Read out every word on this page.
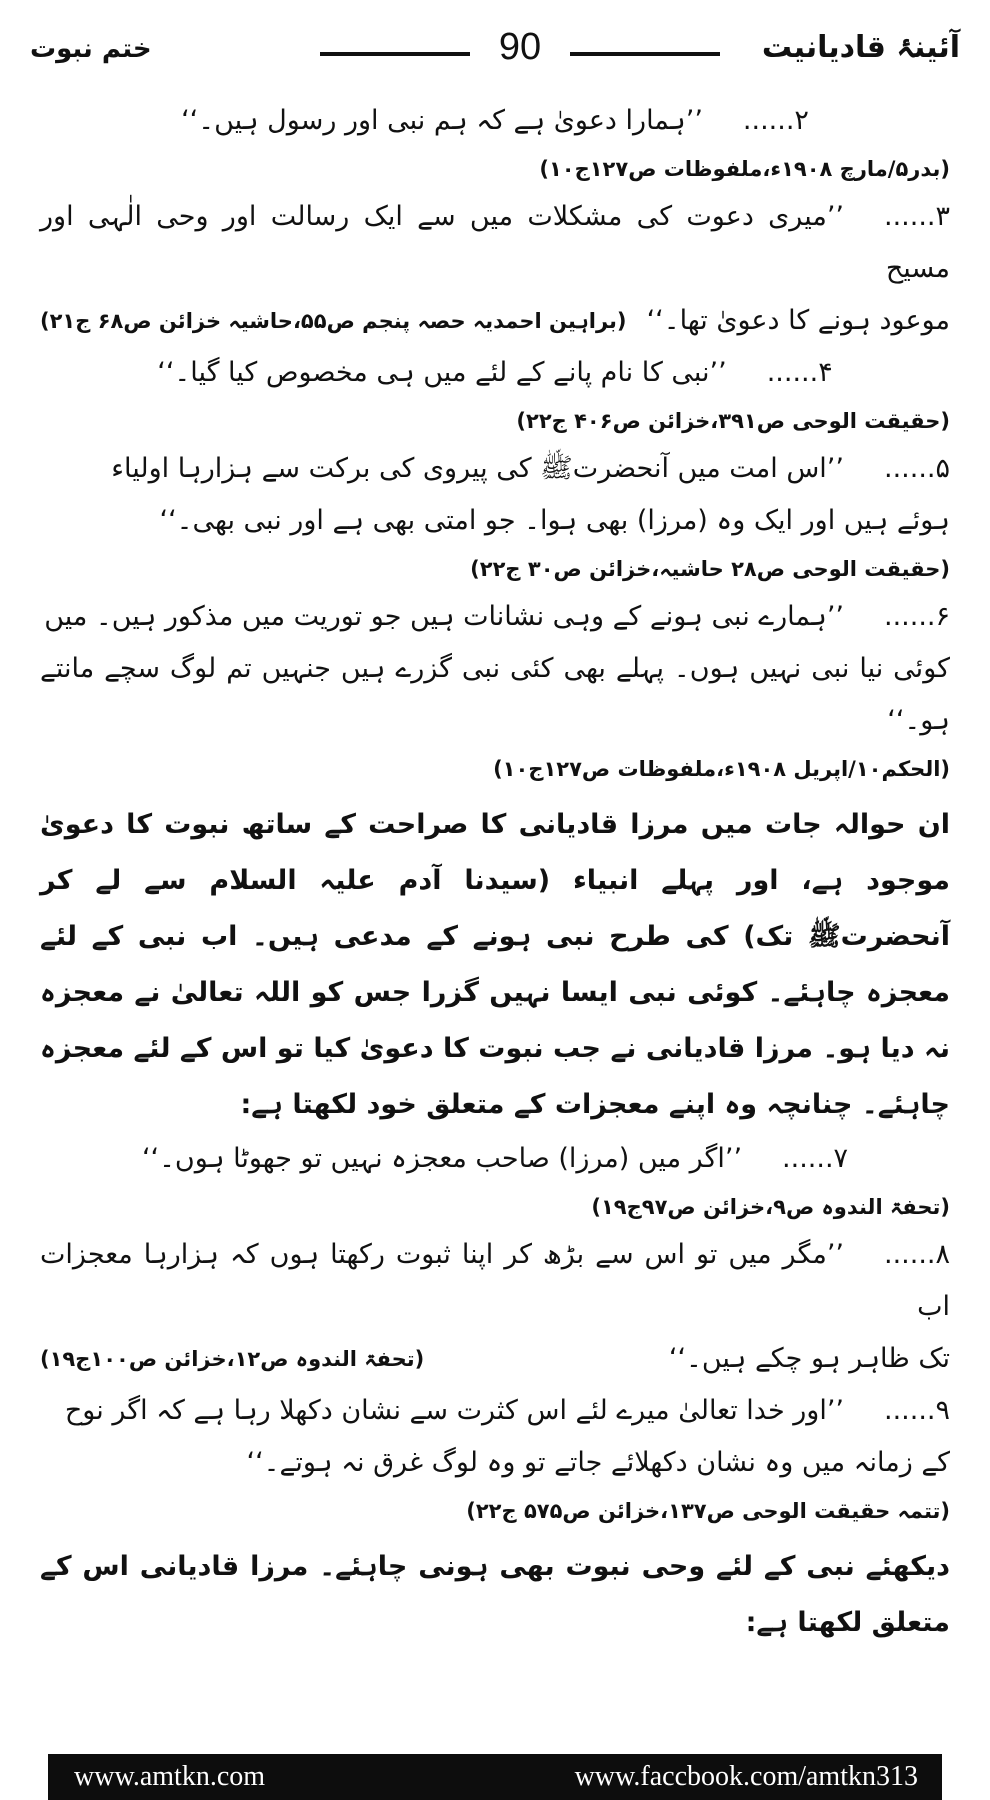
آئینۂ قادیانیت
90
ختم نبوت

۲......’’ہمارا دعویٰ ہے کہ ہم نبی اور رسول ہیں۔‘‘

(بدر۵/مارچ ۱۹۰۸ء،ملفوظات ص۱۲۷ج۱۰)

۳......’’میری دعوت کی مشکلات میں سے ایک رسالت اور وحی الٰہی اور مسیح

(براہین احمدیہ حصہ پنجم ص۵۵،حاشیہ خزائن ص۶۸ ج۲۱) موعود ہونے کا دعویٰ تھا۔‘‘

۴......’’نبی کا نام پانے کے لئے میں ہی مخصوص کیا گیا۔‘‘

(حقیقت الوحی ص۳۹۱،خزائن ص۴۰۶ ج۲۲)

۵......’’اس امت میں آنحضرتﷺ کی پیروی کی برکت سے ہزارہا اولیاء

ہوئے ہیں اور ایک وہ (مرزا) بھی ہوا۔ جو امتی بھی ہے اور نبی بھی۔‘‘

(حقیقت الوحی ص۲۸ حاشیہ،خزائن ص۳۰ ج۲۲)

۶......’’ہمارے نبی ہونے کے وہی نشانات ہیں جو توریت میں مذکور ہیں۔ میں

کوئی نیا نبی نہیں ہوں۔ پہلے بھی کئی نبی گزرے ہیں جنہیں تم لوگ سچے مانتے ہو۔‘‘

(الحکم۱۰/اپریل ۱۹۰۸ء،ملفوظات ص۱۲۷ج۱۰)

ان حوالہ جات میں مرزا قادیانی کا صراحت کے ساتھ نبوت کا دعویٰ موجود ہے، اور پہلے انبیاء (سیدنا آدم علیہ السلام سے لے کر آنحضرتﷺ تک) کی طرح نبی ہونے کے مدعی ہیں۔ اب نبی کے لئے معجزہ چاہئے۔ کوئی نبی ایسا نہیں گزرا جس کو اللہ تعالیٰ نے معجزہ نہ دیا ہو۔ مرزا قادیانی نے جب نبوت کا دعویٰ کیا تو اس کے لئے معجزہ چاہئے۔ چنانچہ وہ اپنے معجزات کے متعلق خود لکھتا ہے:

۷......’’اگر میں (مرزا) صاحب معجزہ نہیں تو جھوٹا ہوں۔‘‘

(تحفۃ الندوہ ص۹،خزائن ص۹۷ج۱۹)

۸......’’مگر میں تو اس سے بڑھ کر اپنا ثبوت رکھتا ہوں کہ ہزارہا معجزات اب

(تحفۃ الندوہ ص۱۲،خزائن ص۱۰۰ج۱۹)	تک ظاہر ہو چکے ہیں۔‘‘

۹......’’اور خدا تعالیٰ میرے لئے اس کثرت سے نشان دکھلا رہا ہے کہ اگر نوح

کے زمانہ میں وہ نشان دکھلائے جاتے تو وہ لوگ غرق نہ ہوتے۔‘‘

(تتمہ حقیقت الوحی ص۱۳۷،خزائن ص۵۷۵ ج۲۲)

دیکھئے نبی کے لئے وحی نبوت بھی ہونی چاہئے۔ مرزا قادیانی اس کے متعلق لکھتا ہے:

www.amtkn.com	www.faccbook.com/amtkn313
